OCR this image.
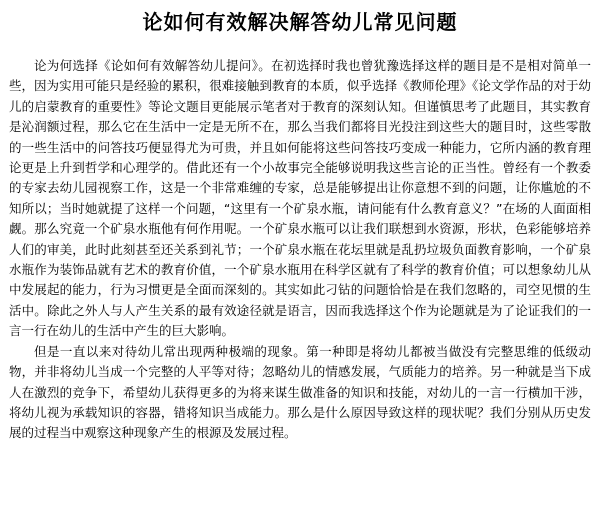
论如何有效解决解答幼儿常见问题

论为何选择《论如何有效解答幼儿提问》。在初选择时我也曾犹豫选择这样的题目是不是相对简单一些，因为实用可能只是经验的累积，很难接触到教育的本质，似乎选择《教师伦理》《论文学作品的对于幼儿的启蒙教育的重要性》等论文题目更能展示笔者对于教育的深刻认知。但谨慎思考了此题目，其实教育是沁润额过程，那么它在生活中一定是无所不在，那么当我们都将目光投注到这些大的题目时，这些零散的一些生活中的问答技巧便显得尤为可贵，并且如何能将这些问答技巧变成一种能力，它所内涵的教育理论更是上升到哲学和心理学的。借此还有一个小故事完全能够说明我这些言论的正当性。曾经有一个教委的专家去幼儿园视察工作，这是一个非常难缠的专家，总是能够提出让你意想不到的问题，让你尴尬的不知所以；当时她就提了这样一个问题，“这里有一个矿泉水瓶，请问能有什么教育意义？”在场的人面面相觑。那么究竟一个矿泉水瓶他有何作用呢。一个矿泉水瓶可以让我们联想到水资源，形状，色彩能够培养人们的审美，此时此刻甚至还关系到礼节；一个矿泉水瓶在花坛里就是乱扔垃圾负面教育影响，一个矿泉水瓶作为装饰品就有艺术的教育价值，一个矿泉水瓶用在科学区就有了科学的教育价值；可以想象幼儿从中发展起的能力，行为习惯更是全面而深刻的。其实如此刁钻的问题恰恰是在我们忽略的，司空见惯的生活中。除此之外人与人产生关系的最有效途径就是语言，因而我选择这个作为论题就是为了论证我们的一言一行在幼儿的生活中产生的巨大影响。

但是一直以来对待幼儿常出现两种极端的现象。第一种即是将幼儿都被当做没有完整思维的低级动物，并非将幼儿当成一个完整的人平等对待；忽略幼儿的情感发展，气质能力的培养。另一种就是当下成人在激烈的竞争下，希望幼儿获得更多的为将来谋生做准备的知识和技能，对幼儿的一言一行横加干涉，将幼儿视为承载知识的容器，错将知识当成能力。那么是什么原因导致这样的现状呢？我们分别从历史发展的过程当中观察这种现象产生的根源及发展过程。
